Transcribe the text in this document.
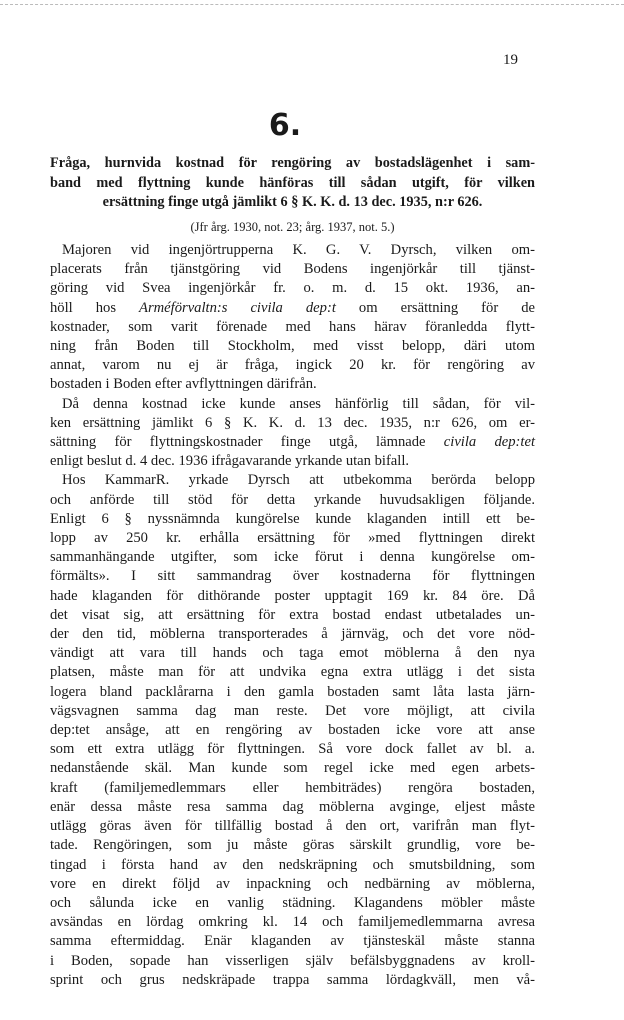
19
6.
Fråga, hurnvida kostnad för rengöring av bostadslägenhet i sam-
band med flyttning kunde hänföras till sådan utgift, för vilken
ersättning finge utgå jämlikt 6 § K. K. d. 13 dec. 1935, n:r 626.
(Jfr årg. 1930, not. 23; årg. 1937, not. 5.)
Majoren vid ingenjörtrupperna K. G. V. Dyrsch, vilken om-
placerats från tjänstgöring vid Bodens ingenjörkår till tjänst-
göring vid Svea ingenjörkår fr. o. m. d. 15 okt. 1936, an-
höll hos Arméförvaltn:s civila dep:t om ersättning för de
kostnader, som varit förenade med hans härav föranledda flytt-
ning från Boden till Stockholm, med visst belopp, däri utom
annat, varom nu ej är fråga, ingick 20 kr. för rengöring av
bostaden i Boden efter avflyttningen därifrån.
Då denna kostnad icke kunde anses hänförlig till sådan, för vil-
ken ersättning jämlikt 6 § K. K. d. 13 dec. 1935, n:r 626, om er-
sättning för flyttningskostnader finge utgå, lämnade civila dep:tet
enligt beslut d. 4 dec. 1936 ifrågavarande yrkande utan bifall.
Hos KammarR. yrkade Dyrsch att utbekomma berörda belopp
och anförde till stöd för detta yrkande huvudsakligen följande.
Enligt 6 § nyssnämnda kungörelse kunde klaganden intill ett be-
lopp av 250 kr. erhålla ersättning för »med flyttningen direkt
sammanhängande utgifter, som icke förut i denna kungörelse om-
förmälts». I sitt sammandrag över kostnaderna för flyttningen
hade klaganden för dithörande poster upptagit 169 kr. 84 öre. Då
det visat sig, att ersättning för extra bostad endast utbetalades un-
der den tid, möblerna transporterades å järnväg, och det vore nöd-
vändigt att vara till hands och taga emot möblerna å den nya
platsen, måste man för att undvika egna extra utlägg i det sista
logera bland packlårarna i den gamla bostaden samt låta lasta järn-
vägsvagnen samma dag man reste. Det vore möjligt, att civila
dep:tet ansåge, att en rengöring av bostaden icke vore att anse
som ett extra utlägg för flyttningen. Så vore dock fallet av bl. a.
nedanstående skäl. Man kunde som regel icke med egen arbets-
kraft (familjemedlemmars eller hembiträdes) rengöra bostaden,
enär dessa måste resa samma dag möblerna avginge, eljest måste
utlägg göras även för tillfällig bostad å den ort, varifrån man flyt-
tade. Rengöringen, som ju måste göras särskilt grundlig, vore be-
tingad i första hand av den nedskräpning och smutsbildning, som
vore en direkt följd av inpackning och nedbärning av möblerna,
och sålunda icke en vanlig städning. Klagandens möbler måste
avsändas en lördag omkring kl. 14 och familjemedlemmarna avresa
samma eftermiddag. Enär klaganden av tjänsteskäl måste stanna
i Boden, sopade han visserligen själv befälsbyggnadens av kroll-
sprint och grus nedskräpade trappa samma lördagkväll, men vå-
